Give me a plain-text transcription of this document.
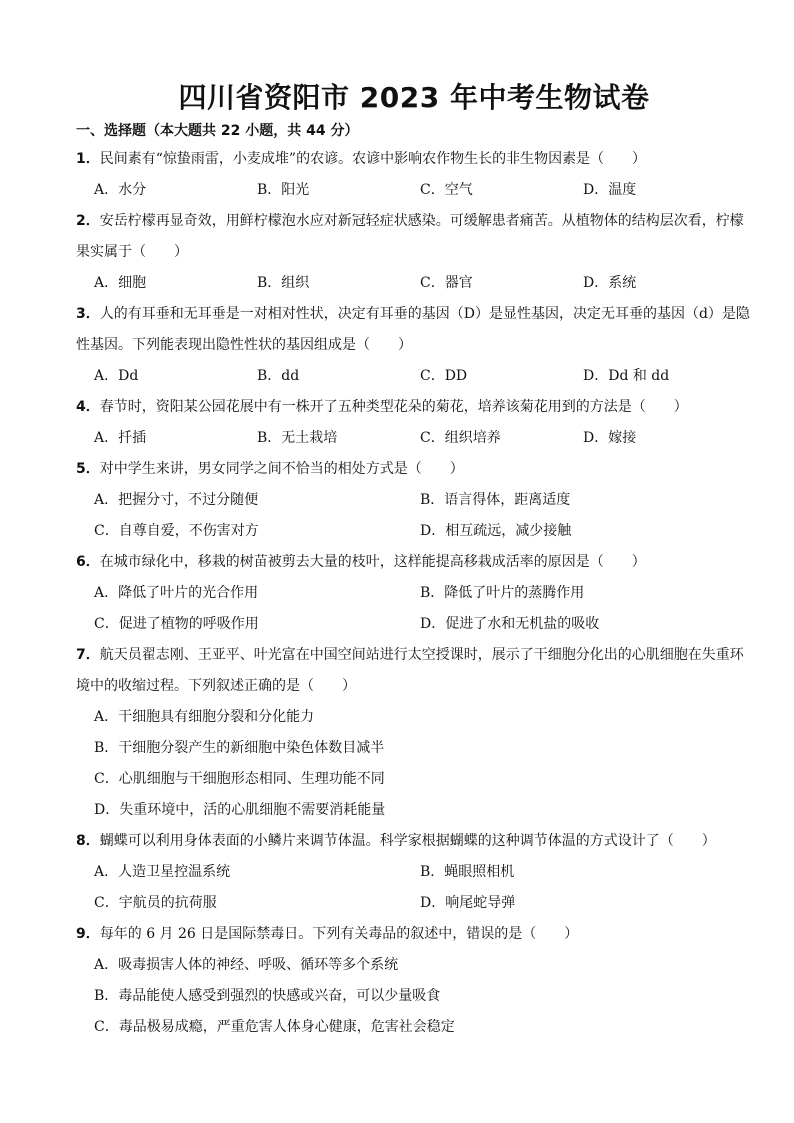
四川省资阳市 2023 年中考生物试卷

一、选择题（本大题共 22 小题，共 44 分）

1．民间素有“惊蛰雨雷，小麦成堆”的农谚。农谚中影响农作物生长的非生物因素是（　　）

A．水分	B．阳光	C．空气	D．温度

2．安岳柠檬再显奇效，用鲜柠檬泡水应对新冠轻症状感染。可缓解患者痛苦。从植物体的结构层次看，柠檬果实属于（　　）

A．细胞	B．组织	C．器官	D．系统

3．人的有耳垂和无耳垂是一对相对性状，决定有耳垂的基因（D）是显性基因，决定无耳垂的基因（d）是隐性基因。下列能表现出隐性性状的基因组成是（　　）

A．Dd	B．dd	C．DD	D．Dd 和 dd

4．春节时，资阳某公园花展中有一株开了五种类型花朵的菊花，培养该菊花用到的方法是（　　）

A．扦插	B．无土栽培	C．组织培养	D．嫁接

5．对中学生来讲，男女同学之间不恰当的相处方式是（　　）

A．把握分寸，不过分随便	B．语言得体，距离适度
C．自尊自爱，不伤害对方	D．相互疏远，减少接触

6．在城市绿化中，移栽的树苗被剪去大量的枝叶，这样能提高移栽成活率的原因是（　　）

A．降低了叶片的光合作用	B．降低了叶片的蒸腾作用
C．促进了植物的呼吸作用	D．促进了水和无机盐的吸收

7．航天员翟志刚、王亚平、叶光富在中国空间站进行太空授课时，展示了干细胞分化出的心肌细胞在失重环境中的收缩过程。下列叙述正确的是（　　）

A．干细胞具有细胞分裂和分化能力

B．干细胞分裂产生的新细胞中染色体数目减半

C．心肌细胞与干细胞形态相同、生理功能不同

D．失重环境中，活的心肌细胞不需要消耗能量

8．蝴蝶可以利用身体表面的小鳞片来调节体温。科学家根据蝴蝶的这种调节体温的方式设计了（　　）

A．人造卫星控温系统	B．蝇眼照相机
C．宇航员的抗荷服	D．响尾蛇导弹

9．每年的 6 月 26 日是国际禁毒日。下列有关毒品的叙述中，错误的是（　　）

A．吸毒损害人体的神经、呼吸、循环等多个系统

B．毒品能使人感受到强烈的快感或兴奋，可以少量吸食

C．毒品极易成瘾，严重危害人体身心健康，危害社会稳定
